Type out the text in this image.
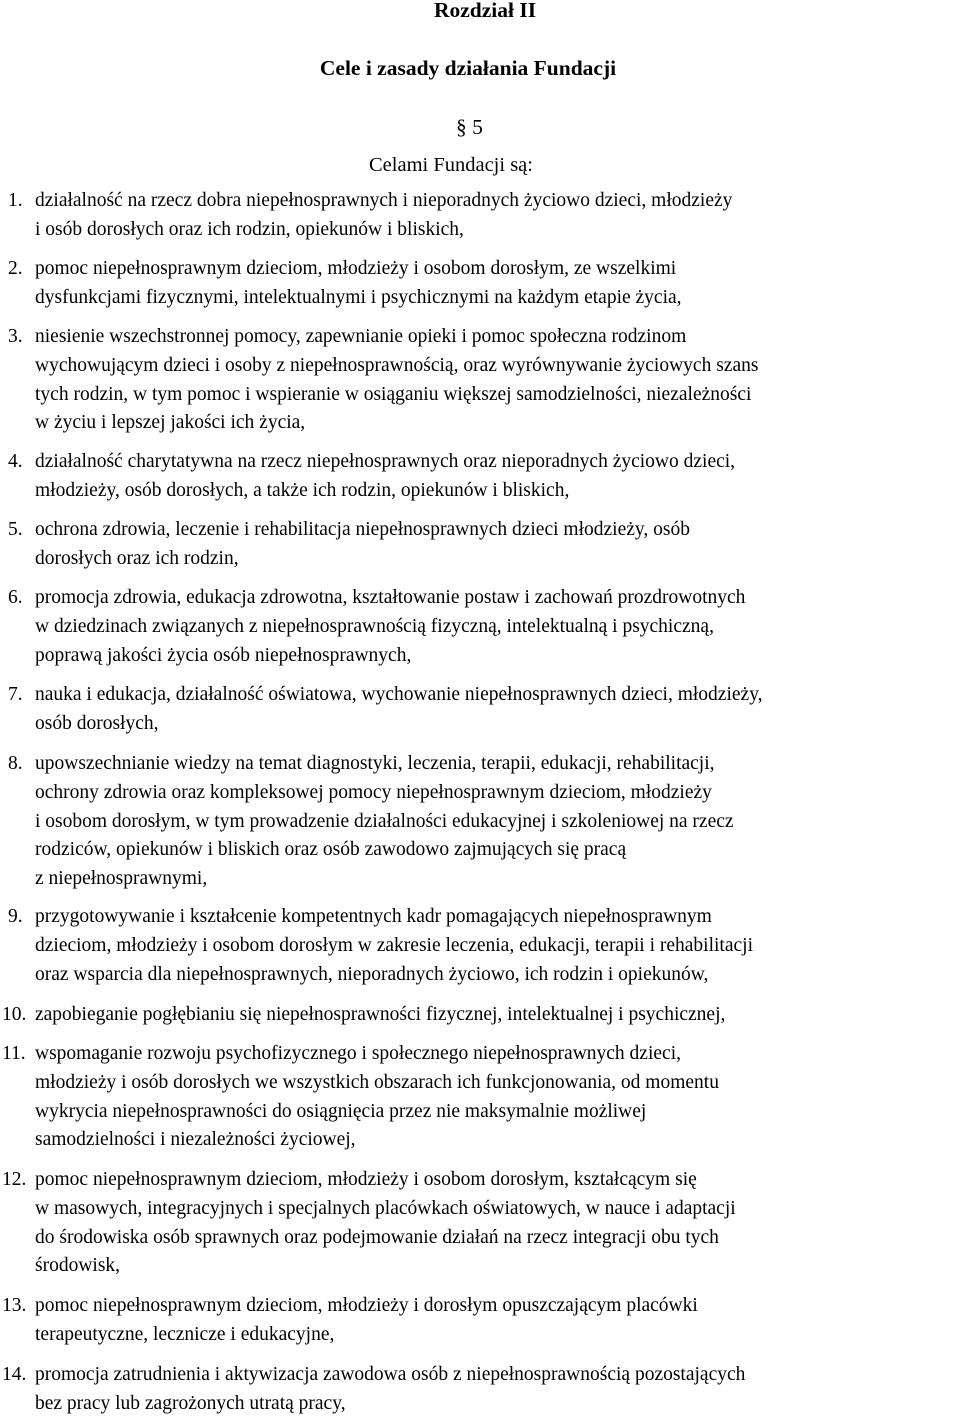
Rozdział II
Cele i zasady działania Fundacji
§ 5
Celami Fundacji są:
1. działalność na rzecz dobra niepełnosprawnych i nieporadnych życiowo dzieci, młodzieży
i osób dorosłych oraz ich rodzin, opiekunów i bliskich,
2. pomoc niepełnosprawnym dzieciom, młodzieży i osobom dorosłym, ze wszelkimi
dysfunkcjami fizycznymi, intelektualnymi i psychicznymi na każdym etapie życia,
3. niesienie wszechstronnej pomocy, zapewnianie opieki i pomoc społeczna rodzinom
wychowującym dzieci i osoby z niepełnosprawnością, oraz wyrównywanie życiowych szans
tych rodzin, w tym pomoc i wspieranie w osiąganiu większej samodzielności, niezależności
w życiu i lepszej jakości ich życia,
4. działalność charytatywna na rzecz niepełnosprawnych oraz nieporadnych życiowo dzieci,
młodzieży, osób dorosłych, a także ich rodzin, opiekunów i bliskich,
5. ochrona zdrowia, leczenie i rehabilitacja niepełnosprawnych dzieci młodzieży, osób
dorosłych oraz ich rodzin,
6. promocja zdrowia, edukacja zdrowotna, kształtowanie postaw i zachowań prozdrowotnych
w dziedzinach związanych z niepełnosprawnością fizyczną, intelektualną i psychiczną,
poprawą jakości życia osób niepełnosprawnych,
7. nauka i edukacja, działalność oświatowa, wychowanie niepełnosprawnych dzieci, młodzieży,
osób dorosłych,
8. upowszechnianie wiedzy na temat diagnostyki, leczenia, terapii, edukacji, rehabilitacji,
ochrony zdrowia oraz kompleksowej pomocy niepełnosprawnym dzieciom, młodzieży
i osobom dorosłym, w tym prowadzenie działalności edukacyjnej i szkoleniowej na rzecz
rodziców, opiekunów i bliskich oraz osób zawodowo zajmujących się pracą
z niepełnosprawnymi,
9. przygotowywanie i kształcenie kompetentnych kadr pomagających niepełnosprawnym
dzieciom, młodzieży i osobom dorosłym w zakresie leczenia, edukacji, terapii i rehabilitacji
oraz wsparcia dla niepełnosprawnych, nieporadnych życiowo, ich rodzin i opiekunów,
10. zapobieganie pogłębianiu się niepełnosprawności fizycznej, intelektualnej i psychicznej,
11. wspomaganie rozwoju psychofizycznego i społecznego niepełnosprawnych dzieci,
młodzieży i osób dorosłych we wszystkich obszarach ich funkcjonowania, od momentu
wykrycia niepełnosprawności do osiągnięcia przez nie maksymalnie możliwej
samodzielności i niezależności życiowej,
12. pomoc niepełnosprawnym dzieciom, młodzieży i osobom dorosłym, kształcącym się
w masowych, integracyjnych i specjalnych placówkach oświatowych, w nauce i adaptacji
do środowiska osób sprawnych oraz podejmowanie działań na rzecz integracji obu tych
środowisk,
13. pomoc niepełnosprawnym dzieciom, młodzieży i dorosłym opuszczającym placówki
terapeutyczne, lecznicze i edukacyjne,
14. promocja zatrudnienia i aktywizacja zawodowa osób z niepełnosprawnością pozostających
bez pracy lub zagrożonych utratą pracy,
